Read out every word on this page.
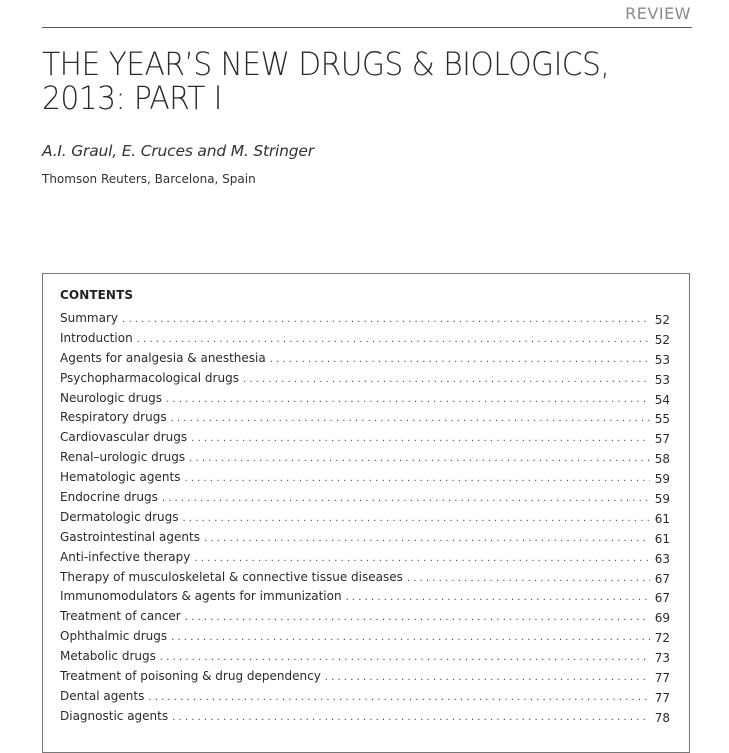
REVIEW
THE YEAR’S NEW DRUGS & BIOLOGICS,
2013: PART I
A.I. Graul, E. Cruces and M. Stringer
Thomson Reuters, Barcelona, Spain
CONTENTS
Summary . . .	52
Introduction . . .	52
Agents for analgesia & anesthesia . . .	53
Psychopharmacological drugs . . .	53
Neurologic drugs . . .	54
Respiratory drugs . . .	55
Cardiovascular drugs . . .	57
Renal–urologic drugs . . .	58
Hematologic agents . . .	59
Endocrine drugs . . .	59
Dermatologic drugs . . .	61
Gastrointestinal agents . . .	61
Anti-infective therapy . . .	63
Therapy of musculoskeletal & connective tissue diseases . . .	67
Immunomodulators & agents for immunization . . .	67
Treatment of cancer . . .	69
Ophthalmic drugs . . .	72
Metabolic drugs . . .	73
Treatment of poisoning & drug dependency . . .	77
Dental agents . . .	77
Diagnostic agents . . .	78
